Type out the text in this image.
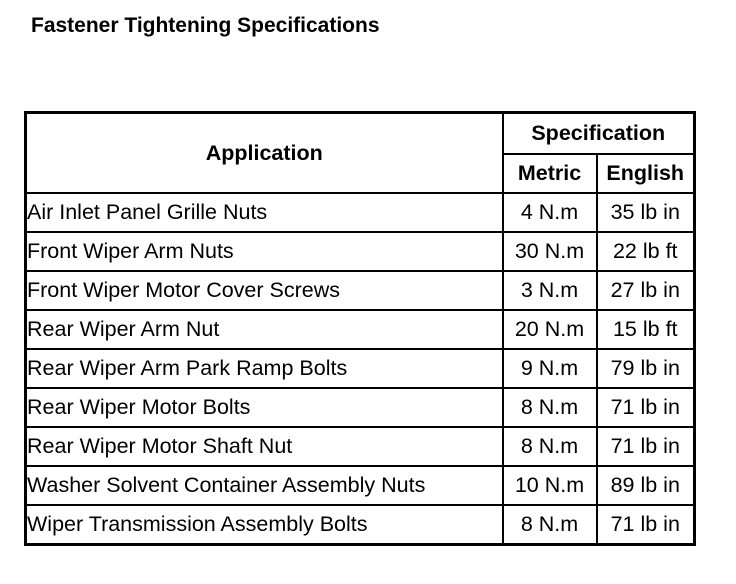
Fastener Tightening Specifications
Application	Specification	
	Metric	English
Air Inlet Panel Grille Nuts	4 N.m	35 lb in
Front Wiper Arm Nuts	30 N.m	22 lb ft
Front Wiper Motor Cover Screws	3 N.m	27 lb in
Rear Wiper Arm Nut	20 N.m	15 lb ft
Rear Wiper Arm Park Ramp Bolts	9 N.m	79 lb in
Rear Wiper Motor Bolts	8 N.m	71 lb in
Rear Wiper Motor Shaft Nut	8 N.m	71 lb in
Washer Solvent Container Assembly Nuts	10 N.m	89 lb in
Wiper Transmission Assembly Bolts	8 N.m	71 lb in
